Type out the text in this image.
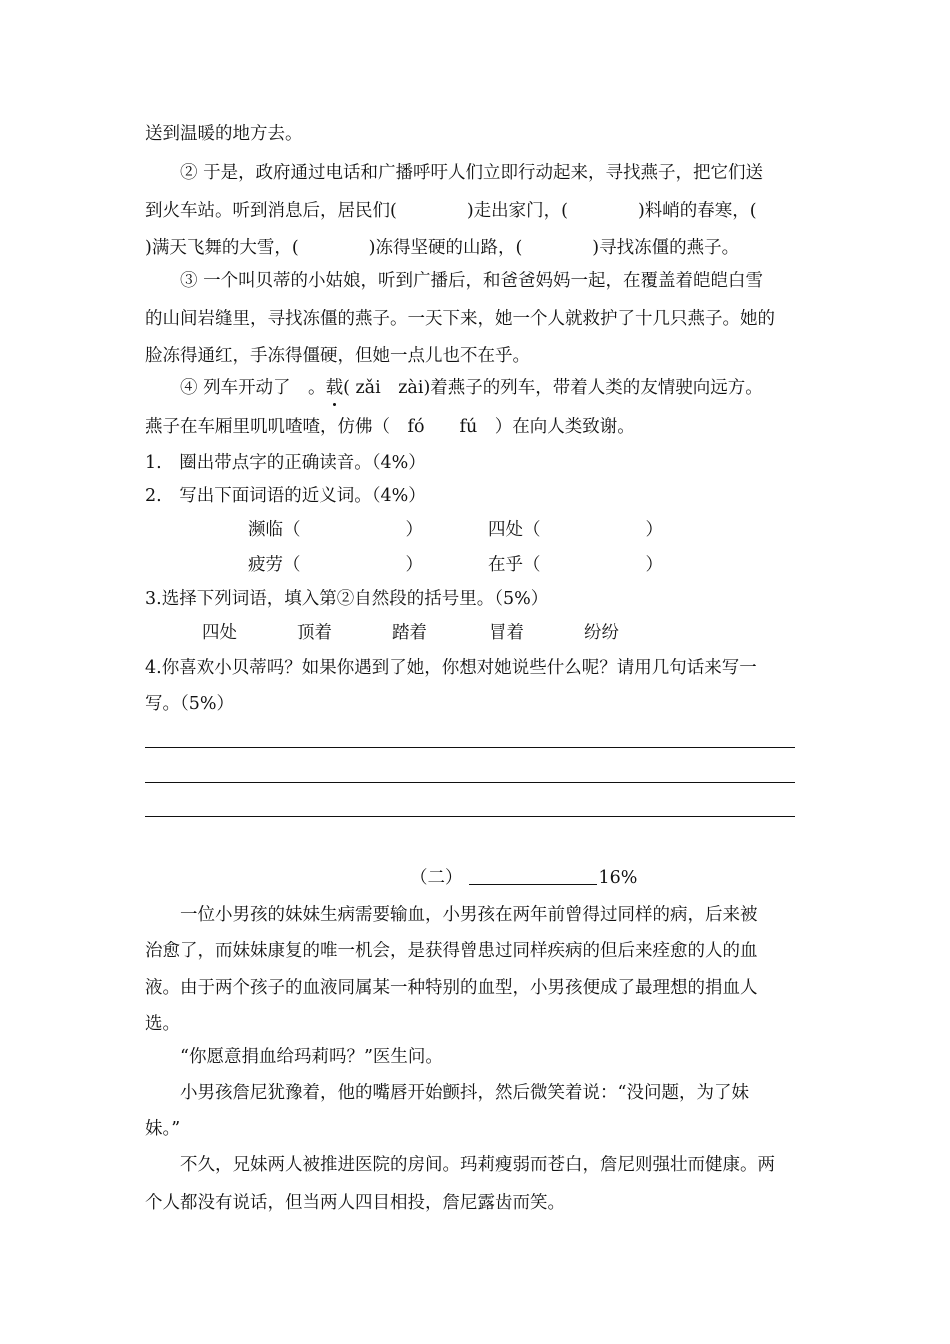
送到温暖的地方去。
② 于是，政府通过电话和广播呼吁人们立即行动起来，寻找燕子，把它们送
到火车站。听到消息后，居民们(　　　　)走出家门，(　　　　)料峭的春寒，(
)满天飞舞的大雪，(　　　　)冻得坚硬的山路，(　　　　)寻找冻僵的燕子。
③ 一个叫贝蒂的小姑娘，听到广播后，和爸爸妈妈一起，在覆盖着皑皑白雪
的山间岩缝里，寻找冻僵的燕子。一天下来，她一个人就救护了十几只燕子。她的
脸冻得通红，手冻得僵硬，但她一点儿也不在乎。
④ 列车开动了　。载( zǎi　zài)着燕子的列车，带着人类的友情驶向远方。
燕子在车厢里叽叽喳喳，仿佛（　fó　　fú　）在向人类致谢。
1.　圈出带点字的正确读音。（4%）
2.　写出下面词语的近义词。（4%）
濒临（　　　　　　）	四处（　　　　　　）
疲劳（　　　　　　）	在乎（　　　　　　）
3.选择下列词语，填入第②自然段的括号里。（5%）
四处	顶着	踏着	冒着	纷纷
4.你喜欢小贝蒂吗？如果你遇到了她，你想对她说些什么呢？请用几句话来写一
写。（5%）
（二）	16%
一位小男孩的妹妹生病需要输血，小男孩在两年前曾得过同样的病，后来被
治愈了，而妹妹康复的唯一机会，是获得曾患过同样疾病的但后来痊愈的人的血
液。由于两个孩子的血液同属某一种特别的血型，小男孩便成了最理想的捐血人
选。
“你愿意捐血给玛莉吗？”医生问。
小男孩詹尼犹豫着，他的嘴唇开始颤抖，然后微笑着说：“没问题，为了妹
妹。”
不久，兄妹两人被推进医院的房间。玛莉瘦弱而苍白，詹尼则强壮而健康。两
个人都没有说话，但当两人四目相投，詹尼露齿而笑。
